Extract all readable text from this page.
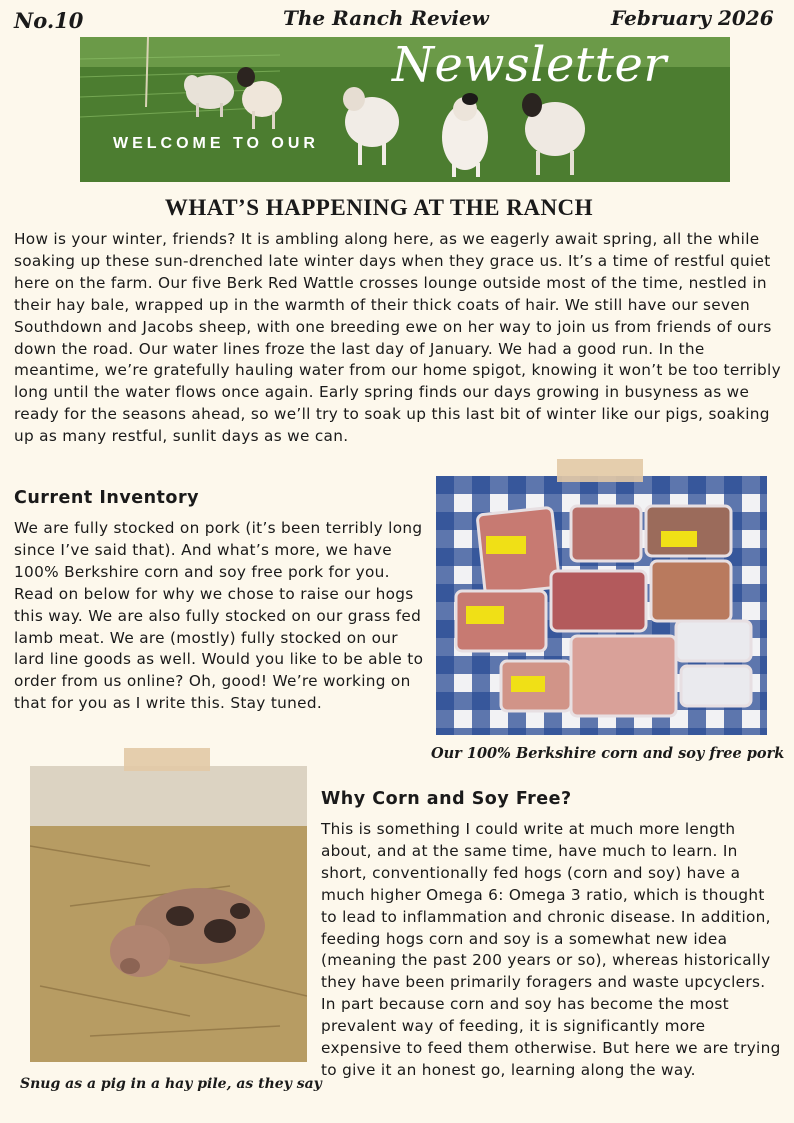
No.10	The Ranch Review	February 2026
Newsletter
WELCOME TO OUR
WHAT’S HAPPENING AT THE RANCH

How is your winter, friends? It is ambling along here, as we eagerly await spring, all the while soaking up these sun-drenched late winter days when they grace us. It’s a time of restful quiet here on the farm. Our five Berk Red Wattle crosses lounge outside most of the time, nestled in their hay bale, wrapped up in the warmth of their thick coats of hair. We still have our seven Southdown and Jacobs sheep, with one breeding ewe on her way to join us from friends of ours down the road. Our water lines froze the last day of January. We had a good run. In the meantime, we’re gratefully hauling water from our home spigot, knowing it won’t be too terribly long until the water flows once again. Early spring finds our days growing in busyness as we ready for the seasons ahead, so we’ll try to soak up this last bit of winter like our pigs, soaking up as many restful, sunlit days as we can.

Current Inventory

We are fully stocked on pork (it’s been terribly long since I’ve said that). And what’s more, we have 100% Berkshire corn and soy free pork for you. Read on below for why we chose to raise our hogs this way. We are also fully stocked on our grass fed lamb meat. We are (mostly) fully stocked on our lard line goods as well. Would you like to be able to order from us online? Oh, good! We’re working on that for you as I write this. Stay tuned.

Our 100% Berkshire corn and soy free pork
Snug as a pig in a hay pile, as they say
Why Corn and Soy Free?

This is something I could write at much more length about, and at the same time, have much to learn. In short, conventionally fed hogs (corn and soy) have a much higher Omega 6: Omega 3 ratio, which is thought to lead to inflammation and chronic disease. In addition, feeding hogs corn and soy is a somewhat new idea (meaning the past 200 years or so), whereas historically they have been primarily foragers and waste upcyclers. In part because corn and soy has become the most prevalent way of feeding, it is significantly more expensive to feed them otherwise. But here we are trying to give it an honest go, learning along the way.
